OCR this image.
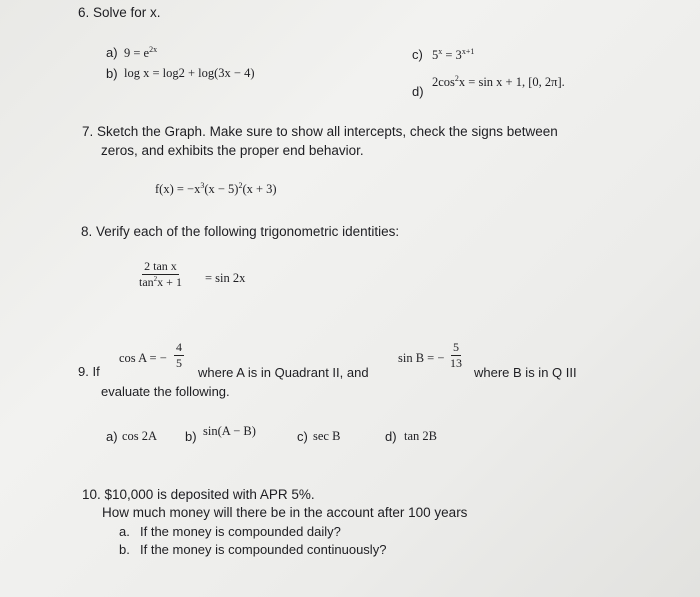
6. Solve for x.
a) $9 = e^{2x}$
b) log x = log2 + log(3x − 4)
c) $5^x = 3^{x+1}$
d)
$2\cos^2x = \sin x + 1$, [0, 2π].
7. Sketch the Graph. Make sure to show all intercepts, check the signs between
zeros, and exhibits the proper end behavior.
$f(x) = -x^3(x - 5)^2(x + 3)$
8. Verify each of the following trigonometric identities:
$\frac{\text{2 tan x}}{\tan^2x + 1} = \sin 2x$
9. If
cos A = − $\frac{4}{5}$
where A is in Quadrant II, and
sin B = − $\frac{5}{13}$
where B is in Q III
evaluate the following.
a) cos 2A b) sin(A − B)	c) sec B	d) tan 2B
10. $10,000 is deposited with APR 5%.
How much money will there be in the account after 100 years
a. If the money is compounded daily?
b. If the money is compounded continuously?
